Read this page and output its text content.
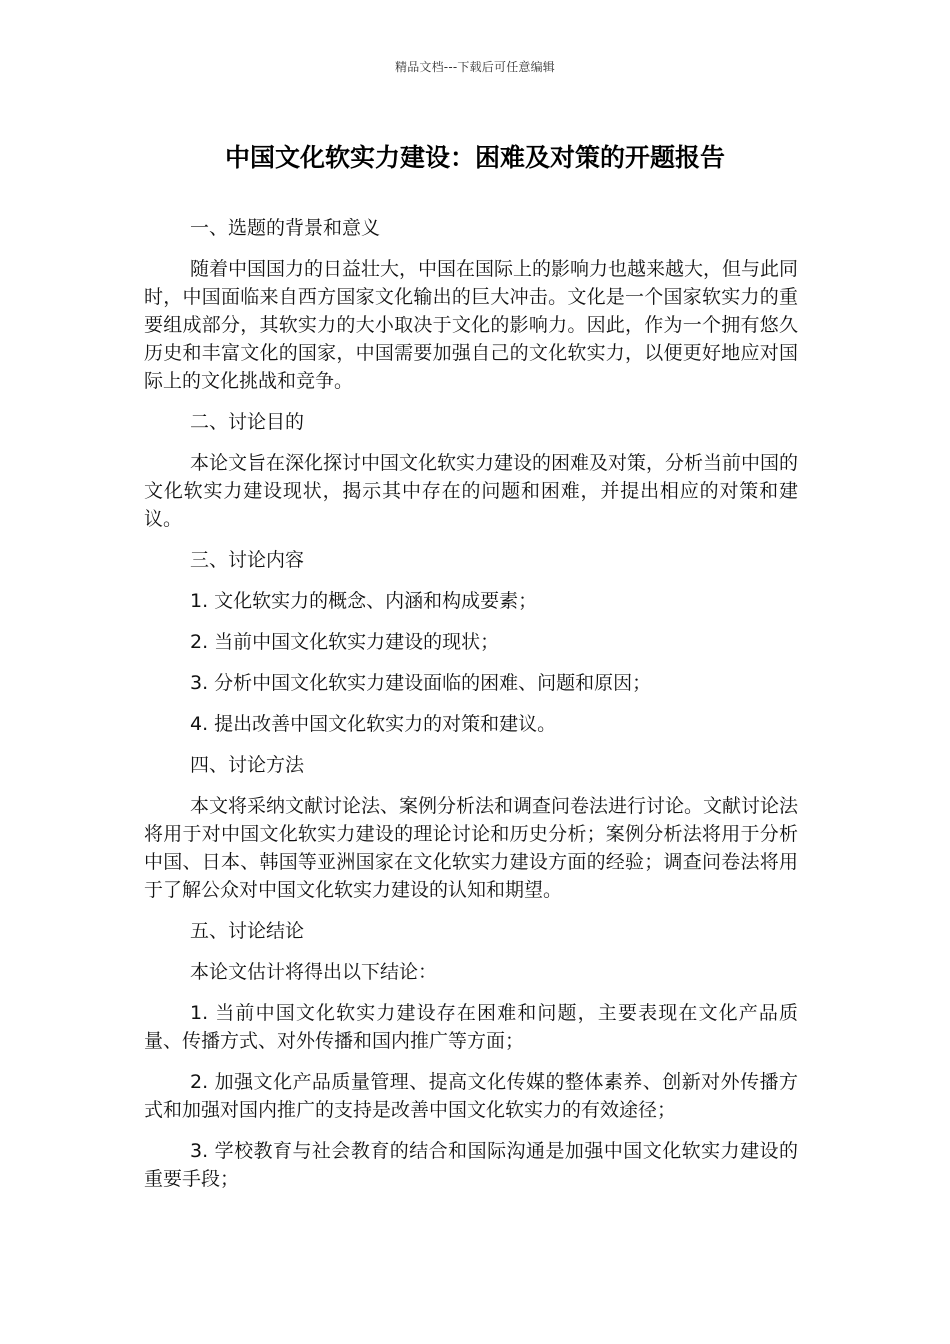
精品文档---下载后可任意编辑
中国文化软实力建设：困难及对策的开题报告

一、选题的背景和意义

随着中国国力的日益壮大，中国在国际上的影响力也越来越大，但与此同时，中国面临来自西方国家文化输出的巨大冲击。文化是一个国家软实力的重要组成部分，其软实力的大小取决于文化的影响力。因此，作为一个拥有悠久历史和丰富文化的国家，中国需要加强自己的文化软实力，以便更好地应对国际上的文化挑战和竞争。

二、讨论目的

本论文旨在深化探讨中国文化软实力建设的困难及对策，分析当前中国的文化软实力建设现状，揭示其中存在的问题和困难，并提出相应的对策和建议。

三、讨论内容

1. 文化软实力的概念、内涵和构成要素；

2. 当前中国文化软实力建设的现状；

3. 分析中国文化软实力建设面临的困难、问题和原因；

4. 提出改善中国文化软实力的对策和建议。

四、讨论方法

本文将采纳文献讨论法、案例分析法和调查问卷法进行讨论。文献讨论法将用于对中国文化软实力建设的理论讨论和历史分析；案例分析法将用于分析中国、日本、韩国等亚洲国家在文化软实力建设方面的经验；调查问卷法将用于了解公众对中国文化软实力建设的认知和期望。

五、讨论结论

本论文估计将得出以下结论：

1. 当前中国文化软实力建设存在困难和问题，主要表现在文化产品质量、传播方式、对外传播和国内推广等方面；

2. 加强文化产品质量管理、提高文化传媒的整体素养、创新对外传播方式和加强对国内推广的支持是改善中国文化软实力的有效途径；

3. 学校教育与社会教育的结合和国际沟通是加强中国文化软实力建设的重要手段；
